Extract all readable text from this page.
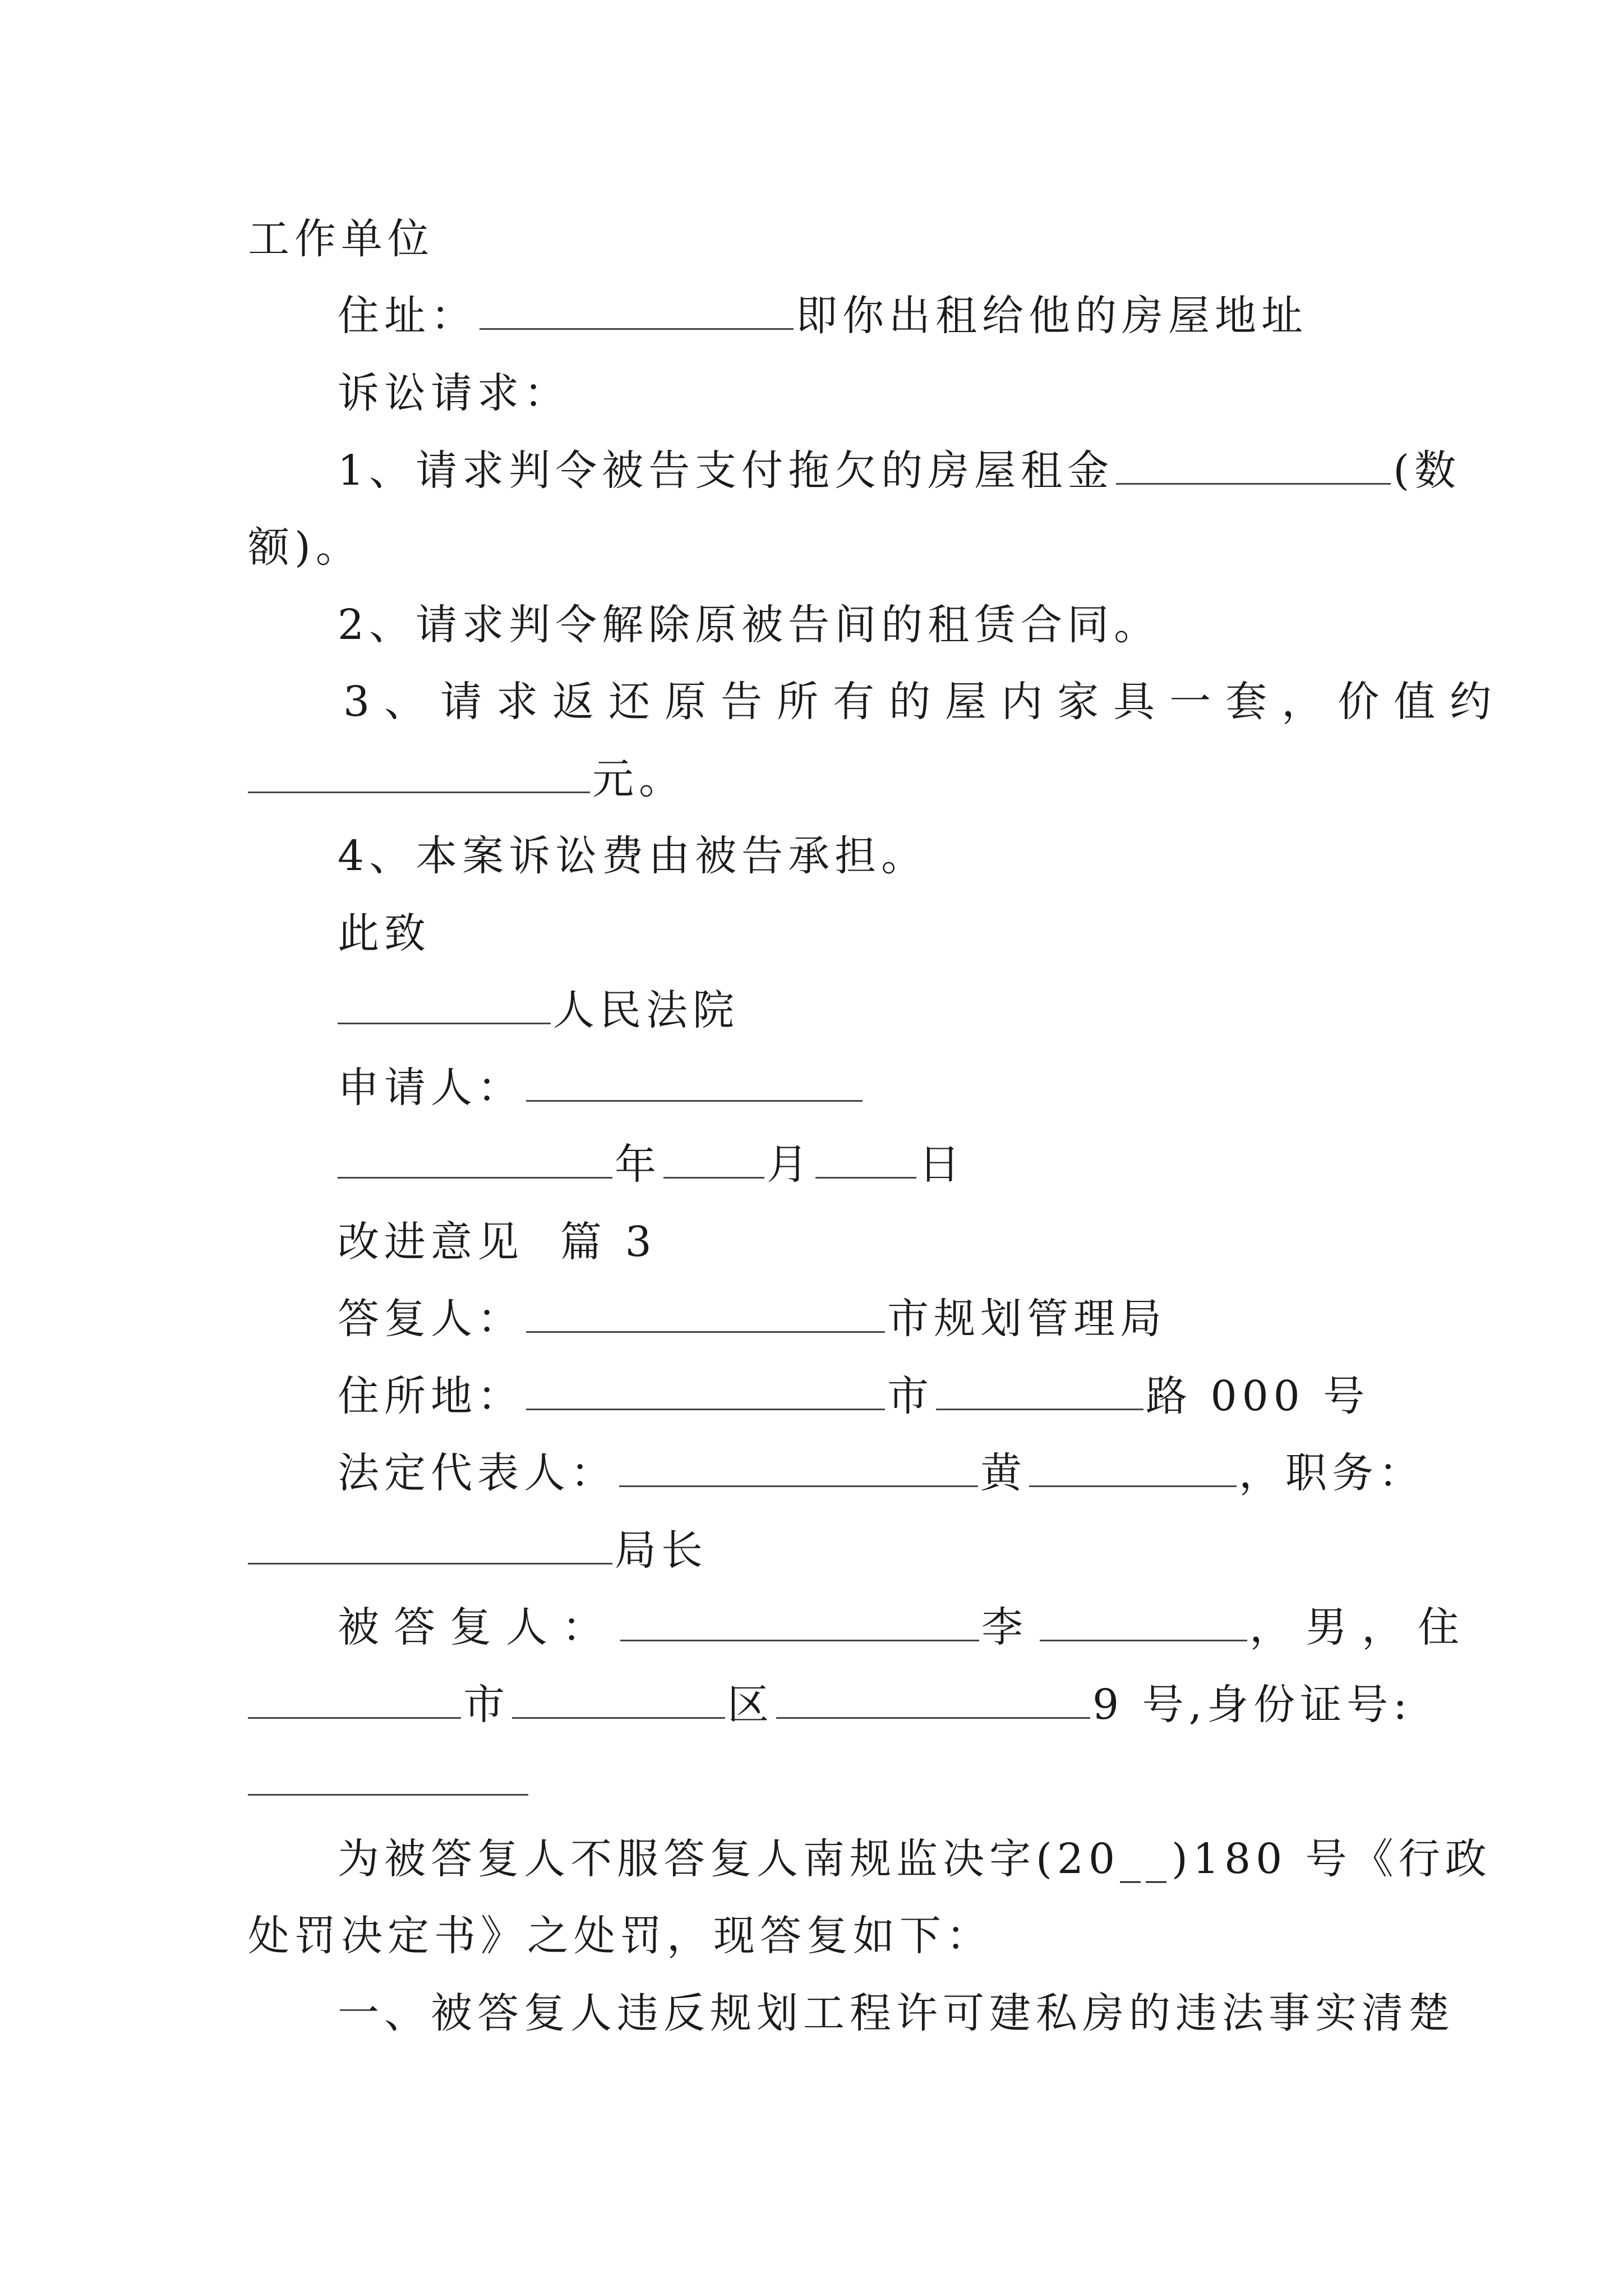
工作单位
住址：	即你出租给他的房屋地址
诉讼请求：
1、请求判令被告支付拖欠的房屋租金	(数
额)。
2、请求判令解除原被告间的租赁合同。
3、请求返还原告所有的屋内家具一套，价值约
元。
4、本案诉讼费由被告承担。
此致
人民法院
申请人：
年	月	日
改进意见  篇 3
答复人：	市规划管理局
住所地：	市	路 000 号
法定代表人：	黄	，职务：
局长
被答复人：	李	，男，住
市	区	9 号,身份证号:
为被答复人不服答复人南规监决字(20__)180 号《行政
处罚决定书》之处罚，现答复如下：
一、被答复人违反规划工程许可建私房的违法事实清楚
